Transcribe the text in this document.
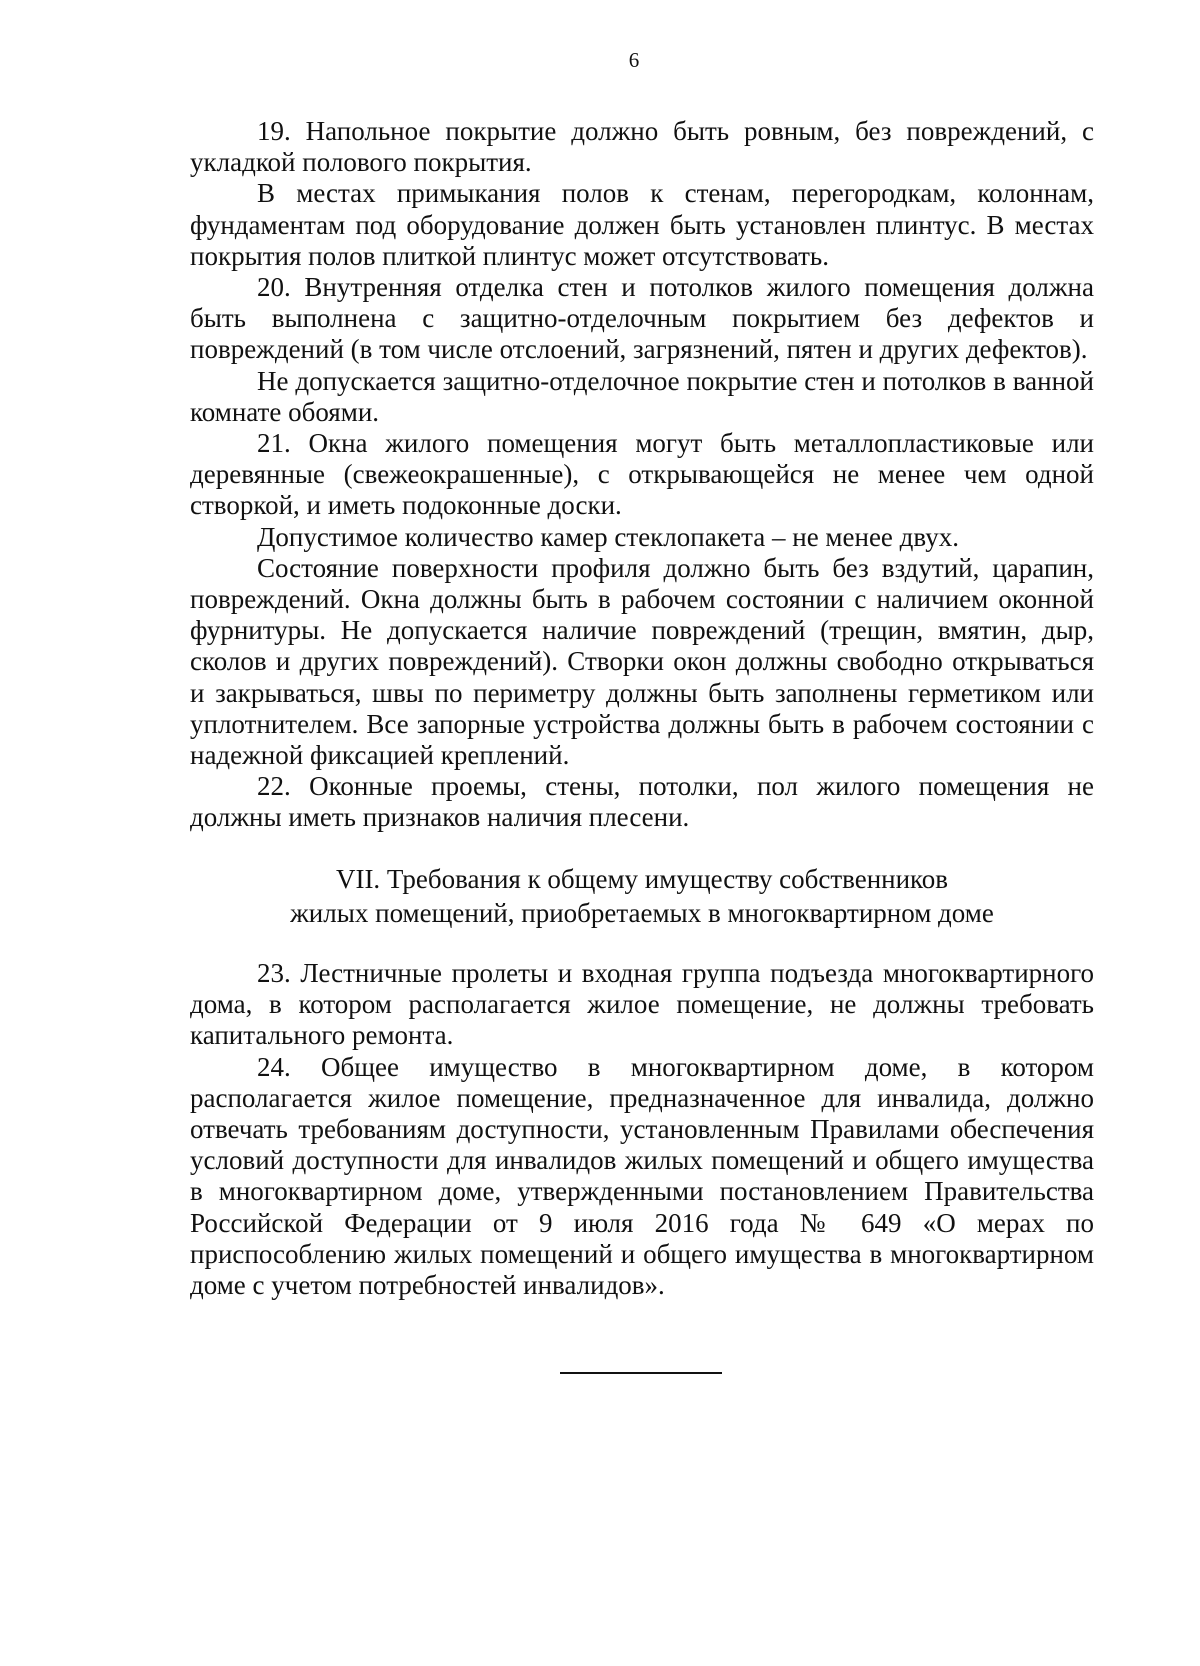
6

19. Напольное покрытие должно быть ровным, без повреждений, с укладкой полового покрытия.

В местах примыкания полов к стенам, перегородкам, колоннам, фундаментам под оборудование должен быть установлен плинтус. В местах покрытия полов плиткой плинтус может отсутствовать.

20. Внутренняя отделка стен и потолков жилого помещения должна быть выполнена с защитно-отделочным покрытием без дефектов и повреждений (в том числе отслоений, загрязнений, пятен и других дефектов).

Не допускается защитно-отделочное покрытие стен и потолков в ванной комнате обоями.

21. Окна жилого помещения могут быть металлопластиковые или деревянные (свежеокрашенные), с открывающейся не менее чем одной створкой, и иметь подоконные доски.

Допустимое количество камер стеклопакета – не менее двух.

Состояние поверхности профиля должно быть без вздутий, царапин, повреждений. Окна должны быть в рабочем состоянии с наличием оконной фурнитуры. Не допускается наличие повреждений (трещин, вмятин, дыр, сколов и других повреждений). Створки окон должны свободно открываться и закрываться, швы по периметру должны быть заполнены герметиком или уплотнителем. Все запорные устройства должны быть в рабочем состоянии с надежной фиксацией креплений.

22. Оконные проемы, стены, потолки, пол жилого помещения не должны иметь признаков наличия плесени.

VII. Требования к общему имуществу собственников
жилых помещений, приобретаемых в многоквартирном доме

23. Лестничные пролеты и входная группа подъезда многоквартирного дома, в котором располагается жилое помещение, не должны требовать капитального ремонта.

24. Общее имущество в многоквартирном доме, в котором располагается жилое помещение, предназначенное для инвалида, должно отвечать требованиям доступности, установленным Правилами обеспечения условий доступности для инвалидов жилых помещений и общего имущества в многоквартирном доме, утвержденными постановлением Правительства Российской Федерации от 9 июля 2016 года № 649 «О мерах по приспособлению жилых помещений и общего имущества в многоквартирном доме с учетом потребностей инвалидов».
